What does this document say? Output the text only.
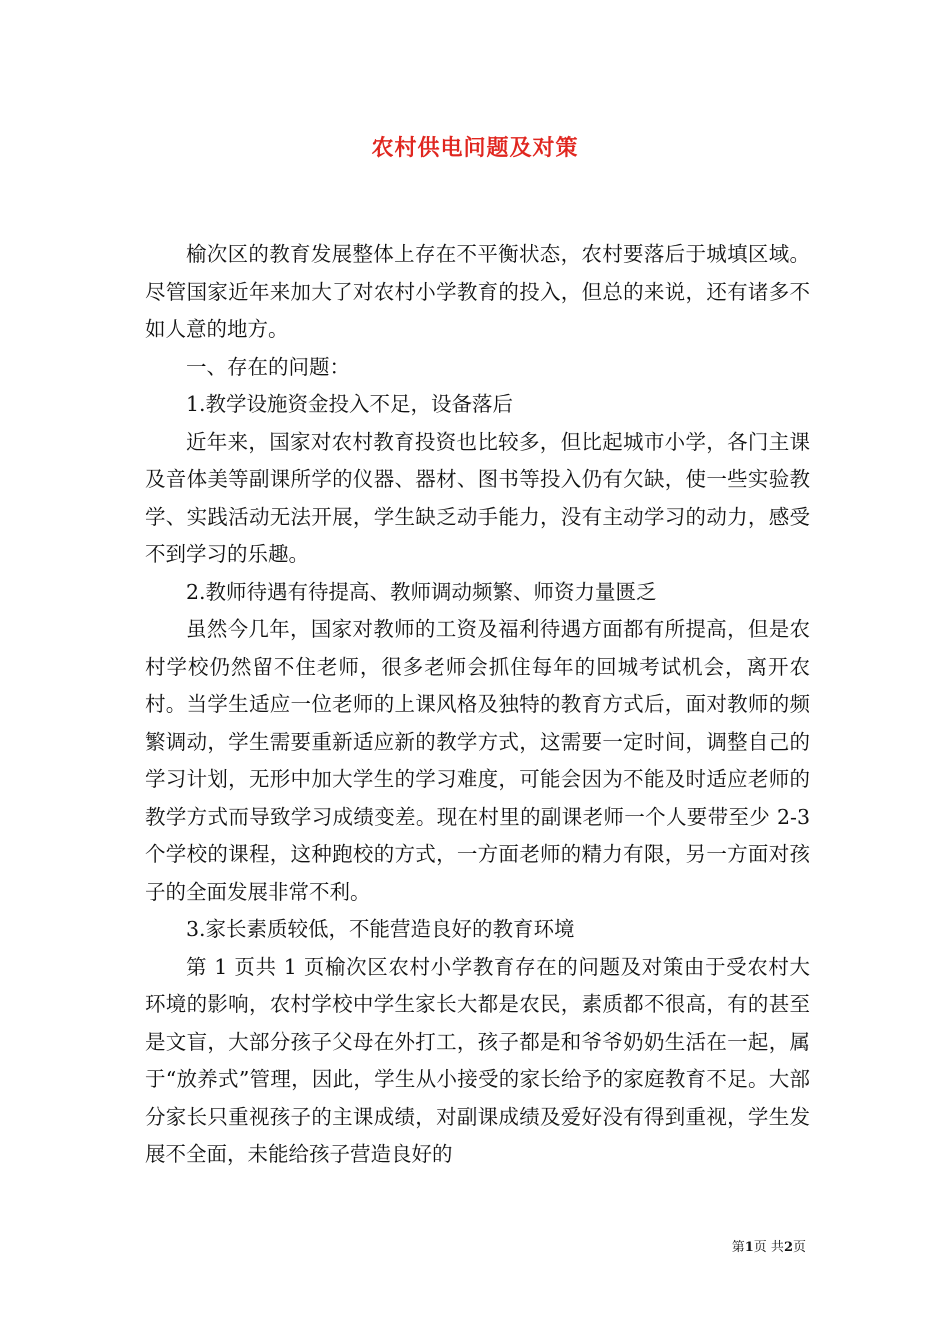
农村供电问题及对策

榆次区的教育发展整体上存在不平衡状态，农村要落后于城填区域。尽管国家近年来加大了对农村小学教育的投入，但总的来说，还有诸多不如人意的地方。

一、存在的问题：

1.教学设施资金投入不足，设备落后

近年来，国家对农村教育投资也比较多，但比起城市小学，各门主课及音体美等副课所学的仪器、器材、图书等投入仍有欠缺，使一些实验教学、实践活动无法开展，学生缺乏动手能力，没有主动学习的动力，感受不到学习的乐趣。

2.教师待遇有待提高、教师调动频繁、师资力量匮乏

虽然今几年，国家对教师的工资及福利待遇方面都有所提高，但是农村学校仍然留不住老师，很多老师会抓住每年的回城考试机会，离开农村。当学生适应一位老师的上课风格及独特的教育方式后，面对教师的频繁调动，学生需要重新适应新的教学方式，这需要一定时间，调整自己的学习计划，无形中加大学生的学习难度，可能会因为不能及时适应老师的教学方式而导致学习成绩变差。现在村里的副课老师一个人要带至少 2-3 个学校的课程，这种跑校的方式，一方面老师的精力有限，另一方面对孩子的全面发展非常不利。

3.家长素质较低，不能营造良好的教育环境

第 1 页共 1 页榆次区农村小学教育存在的问题及对策由于受农村大环境的影响，农村学校中学生家长大都是农民，素质都不很高，有的甚至是文盲，大部分孩子父母在外打工，孩子都是和爷爷奶奶生活在一起，属于“放养式”管理，因此，学生从小接受的家长给予的家庭教育不足。大部分家长只重视孩子的主课成绩，对副课成绩及爱好没有得到重视，学生发展不全面，未能给孩子营造良好的

第1页 共2页
